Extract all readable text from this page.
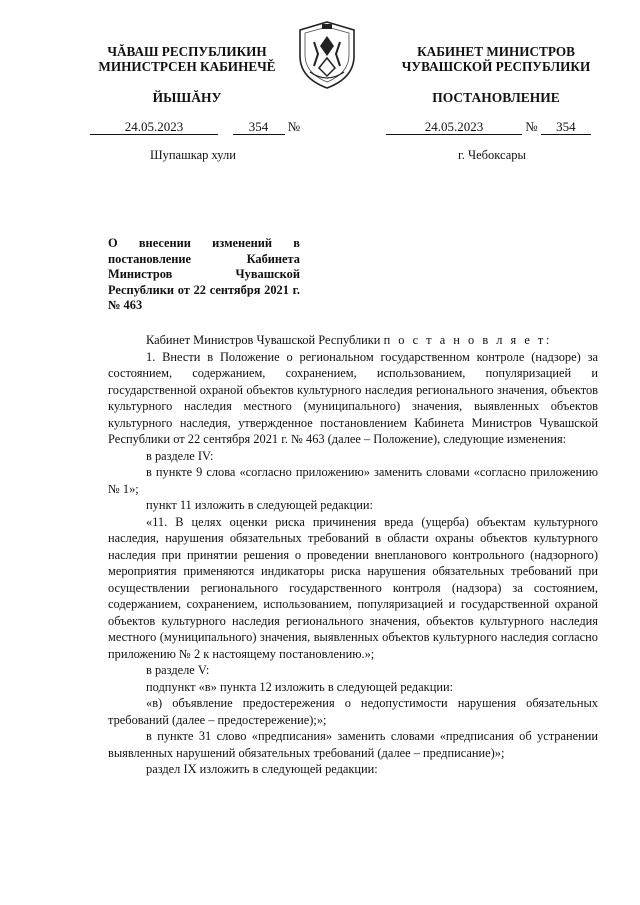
ЧĂВАШ РЕСПУБЛИКИН
МИНИСТРСЕН КАБИНЕЧĚ
КАБИНЕТ МИНИСТРОВ
ЧУВАШСКОЙ РЕСПУБЛИКИ
ЙЫШĂНУ	ПОСТАНОВЛЕНИЕ
24.05.2023	354 №	24.05.2023	№ 354
Шупашкар хули	г. Чебоксары
О внесении изменений в постановление Кабинета Министров Чувашской Республики от 22 сентября 2021 г. № 463

Кабинет Министров Чувашской Республики п о с т а н о в л я е т:

1. Внести в Положение о региональном государственном контроле (надзоре) за состоянием, содержанием, сохранением, использованием, популяризацией и государственной охраной объектов культурного наследия регионального значения, объектов культурного наследия местного (муниципального) значения, выявленных объектов культурного наследия, утвержденное постановлением Кабинета Министров Чувашской Республики от 22 сентября 2021 г. № 463 (далее – Положение), следующие изменения:

в разделе IV:

в пункте 9 слова «согласно приложению» заменить словами «согласно приложению № 1»;

пункт 11 изложить в следующей редакции:

«11. В целях оценки риска причинения вреда (ущерба) объектам культурного наследия, нарушения обязательных требований в области охраны объектов культурного наследия при принятии решения о проведении внепланового контрольного (надзорного) мероприятия применяются индикаторы риска нарушения обязательных требований при осуществлении регионального государственного контроля (надзора) за состоянием, содержанием, сохранением, использованием, популяризацией и государственной охраной объектов культурного наследия регионального значения, объектов культурного наследия местного (муниципального) значения, выявленных объектов культурного наследия согласно приложению № 2 к настоящему постановлению.»;

в разделе V:

подпункт «в» пункта 12 изложить в следующей редакции:

«в) объявление предостережения о недопустимости нарушения обязательных требований (далее – предостережение);»;

в пункте 31 слово «предписания» заменить словами «предписания об устранении выявленных нарушений обязательных требований (далее – предписание)»;

раздел IX изложить в следующей редакции:
